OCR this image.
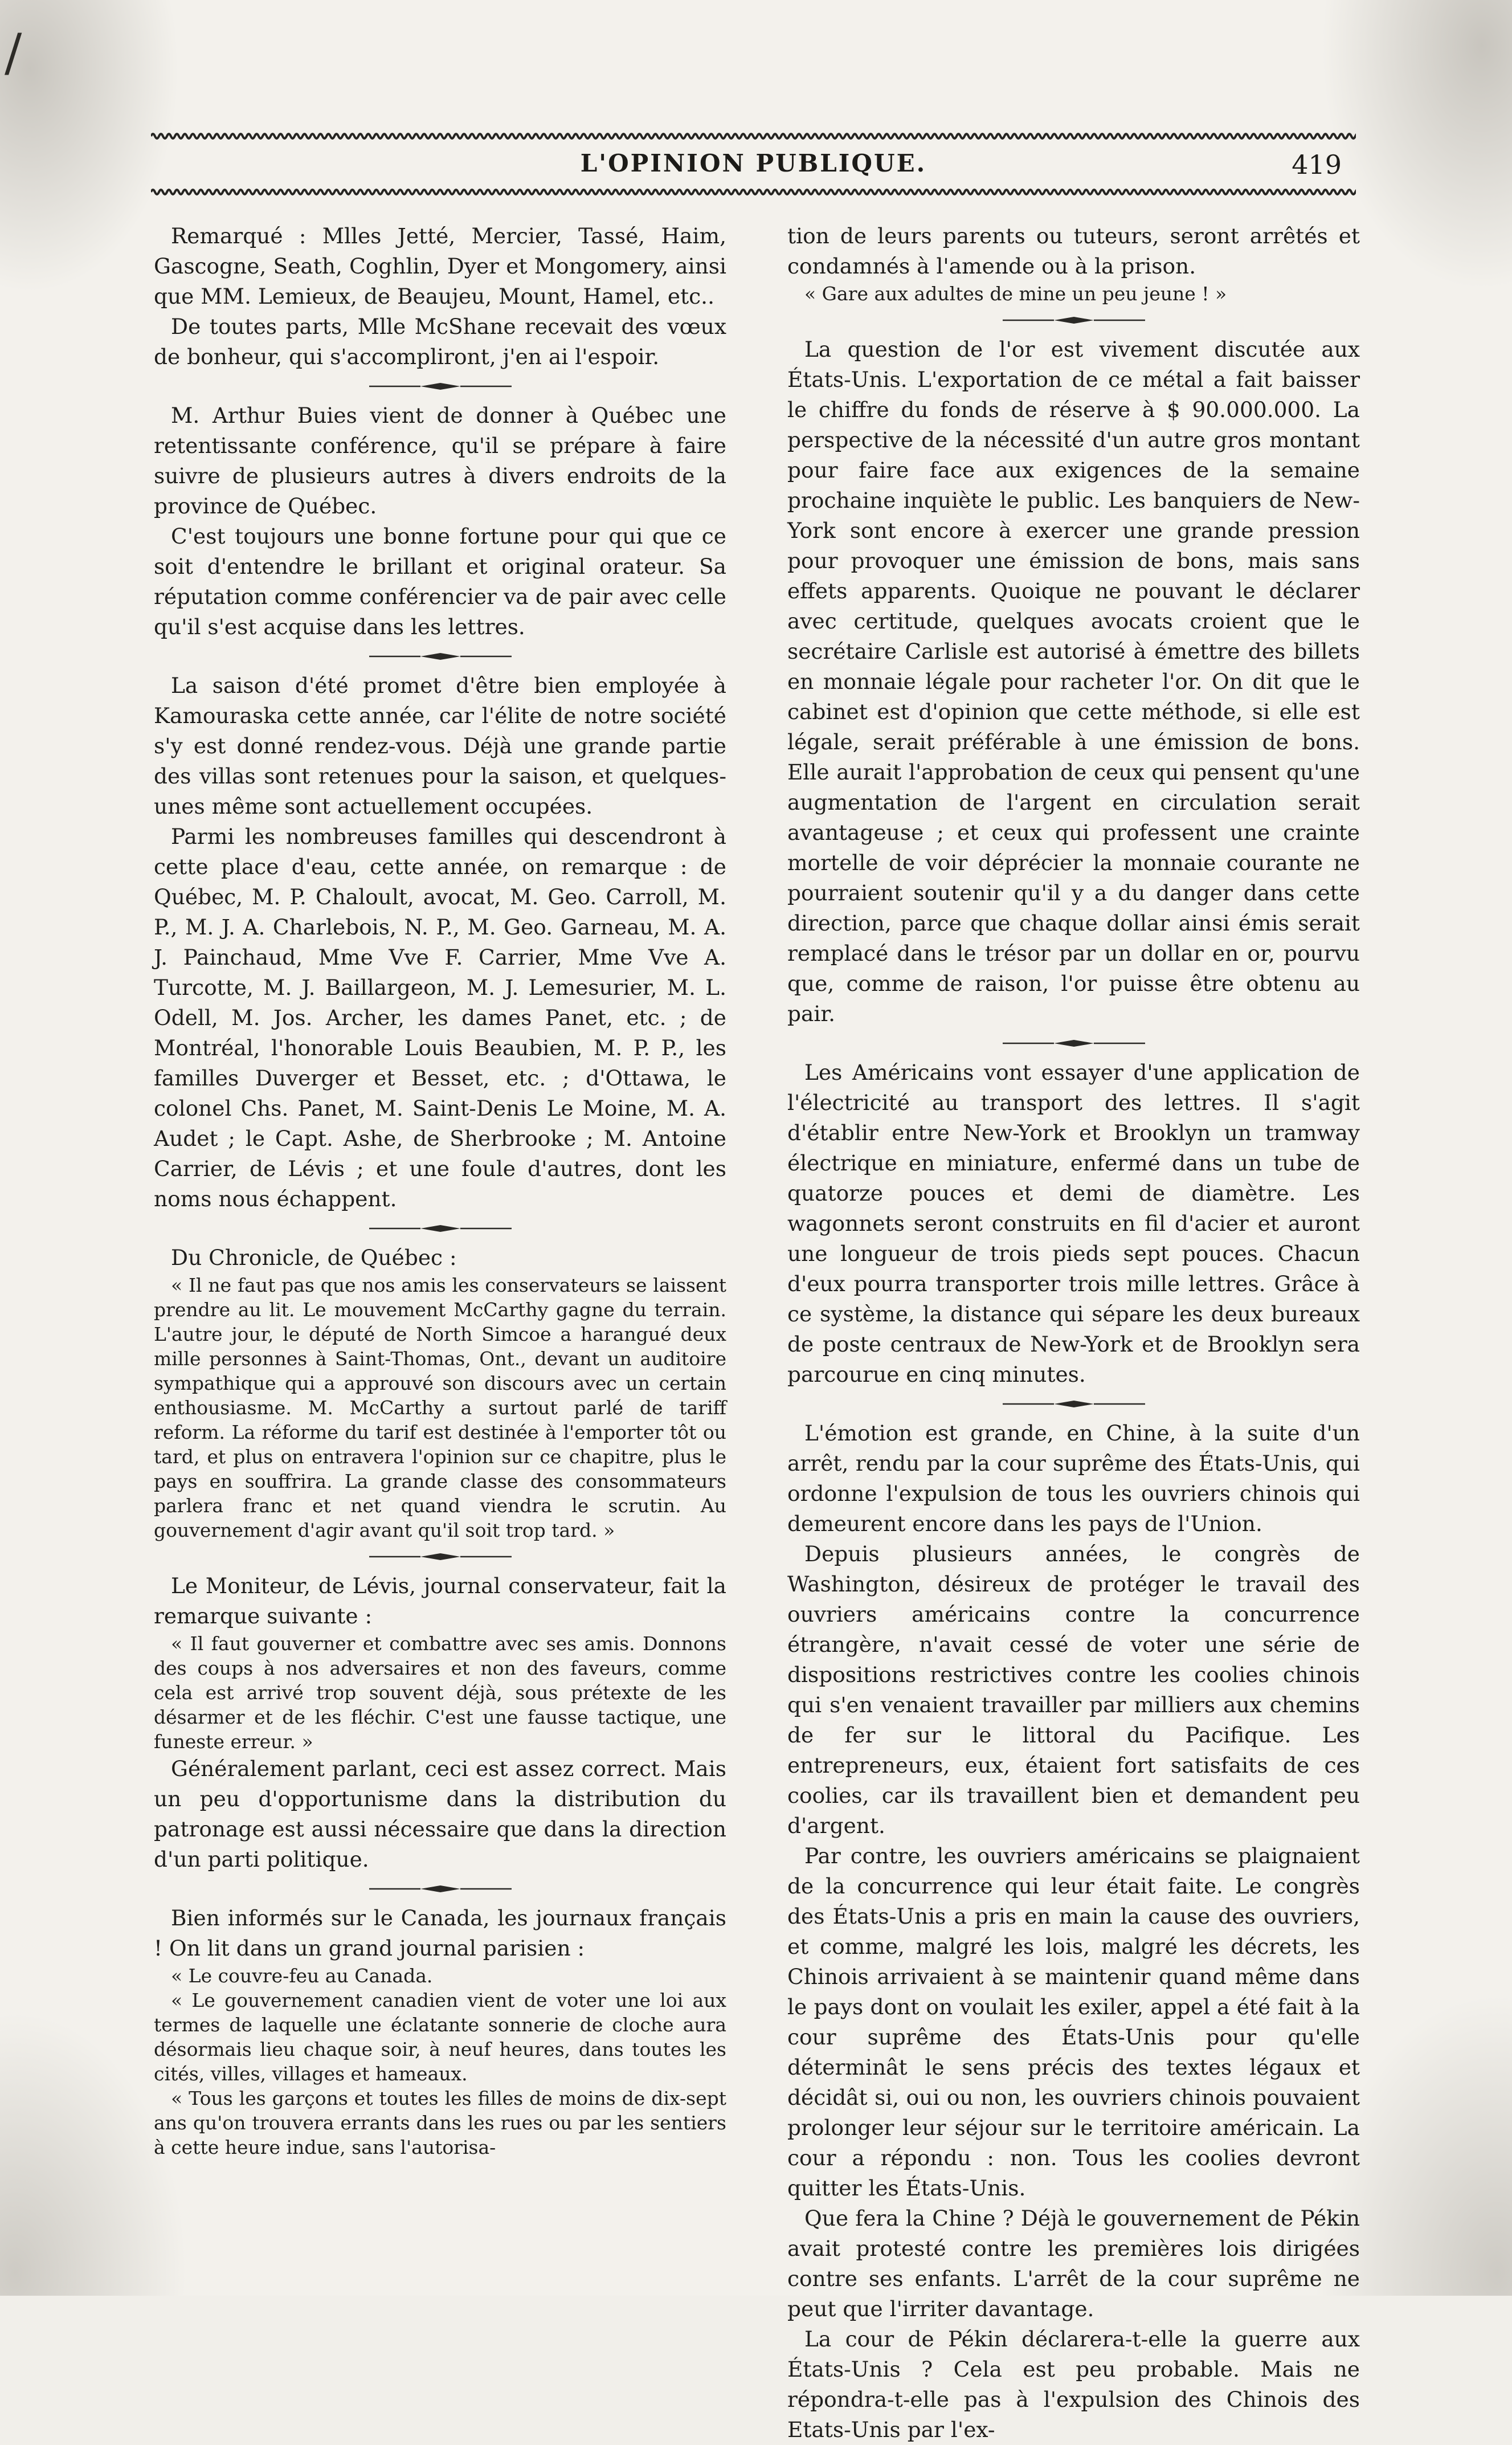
L'OPINION PUBLIQUE.	419

Remarqué : Mlles Jetté, Mercier, Tassé, Haim, Gascogne, Seath, Coghlin, Dyer et Mongomery, ainsi que MM. Lemieux, de Beaujeu, Mount, Hamel, etc..

De toutes parts, Mlle McShane recevait des vœux de bonheur, qui s'accompliront, j'en ai l'espoir.

M. Arthur Buies vient de donner à Québec une retentissante conférence, qu'il se prépare à faire suivre de plusieurs autres à divers endroits de la province de Québec.

C'est toujours une bonne fortune pour qui que ce soit d'entendre le brillant et original orateur. Sa réputation comme conférencier va de pair avec celle qu'il s'est acquise dans les lettres.

La saison d'été promet d'être bien employée à Kamouraska cette année, car l'élite de notre société s'y est donné rendez-vous. Déjà une grande partie des villas sont retenues pour la saison, et quelques-unes même sont actuellement occupées.

Parmi les nombreuses familles qui descendront à cette place d'eau, cette année, on remarque : de Québec, M. P. Chaloult, avocat, M. Geo. Carroll, M. P., M. J. A. Charlebois, N. P., M. Geo. Garneau, M. A. J. Painchaud, Mme Vve F. Carrier, Mme Vve A. Turcotte, M. J. Baillargeon, M. J. Lemesurier, M. L. Odell, M. Jos. Archer, les dames Panet, etc. ; de Montréal, l'honorable Louis Beaubien, M. P. P., les familles Duverger et Besset, etc. ; d'Ottawa, le colonel Chs. Panet, M. Saint-Denis Le Moine, M. A. Audet ; le Capt. Ashe, de Sherbrooke ; M. Antoine Carrier, de Lévis ; et une foule d'autres, dont les noms nous échappent.

Du Chronicle, de Québec :

« Il ne faut pas que nos amis les conservateurs se laissent prendre au lit. Le mouvement McCarthy gagne du terrain. L'autre jour, le député de North Simcoe a harangué deux mille personnes à Saint-Thomas, Ont., devant un auditoire sympathique qui a approuvé son discours avec un certain enthousiasme. M. McCarthy a surtout parlé de tariff reform. La réforme du tarif est destinée à l'emporter tôt ou tard, et plus on entravera l'opinion sur ce chapitre, plus le pays en souffrira. La grande classe des consommateurs parlera franc et net quand viendra le scrutin. Au gouvernement d'agir avant qu'il soit trop tard. »

Le Moniteur, de Lévis, journal conservateur, fait la remarque suivante :

« Il faut gouverner et combattre avec ses amis. Donnons des coups à nos adversaires et non des faveurs, comme cela est arrivé trop souvent déjà, sous prétexte de les désarmer et de les fléchir. C'est une fausse tactique, une funeste erreur. »

Généralement parlant, ceci est assez correct. Mais un peu d'opportunisme dans la distribution du patronage est aussi nécessaire que dans la direction d'un parti politique.

Bien informés sur le Canada, les journaux français ! On lit dans un grand journal parisien :

« Le couvre-feu au Canada.

« Le gouvernement canadien vient de voter une loi aux termes de laquelle une éclatante sonnerie de cloche aura désormais lieu chaque soir, à neuf heures, dans toutes les cités, villes, villages et hameaux.

« Tous les garçons et toutes les filles de moins de dix-sept ans qu'on trouvera errants dans les rues ou par les sentiers à cette heure indue, sans l'autorisa-

tion de leurs parents ou tuteurs, seront arrêtés et condamnés à l'amende ou à la prison.

« Gare aux adultes de mine un peu jeune ! »

La question de l'or est vivement discutée aux États-Unis. L'exportation de ce métal a fait baisser le chiffre du fonds de réserve à $ 90.000.000. La perspective de la nécessité d'un autre gros montant pour faire face aux exigences de la semaine prochaine inquiète le public. Les banquiers de New-York sont encore à exercer une grande pression pour provoquer une émission de bons, mais sans effets apparents. Quoique ne pouvant le déclarer avec certitude, quelques avocats croient que le secrétaire Carlisle est autorisé à émettre des billets en monnaie légale pour racheter l'or. On dit que le cabinet est d'opinion que cette méthode, si elle est légale, serait préférable à une émission de bons. Elle aurait l'approbation de ceux qui pensent qu'une augmentation de l'argent en circulation serait avantageuse ; et ceux qui professent une crainte mortelle de voir déprécier la monnaie courante ne pourraient soutenir qu'il y a du danger dans cette direction, parce que chaque dollar ainsi émis serait remplacé dans le trésor par un dollar en or, pourvu que, comme de raison, l'or puisse être obtenu au pair.

Les Américains vont essayer d'une application de l'électricité au transport des lettres. Il s'agit d'établir entre New-York et Brooklyn un tramway électrique en miniature, enfermé dans un tube de quatorze pouces et demi de diamètre. Les wagonnets seront construits en fil d'acier et auront une longueur de trois pieds sept pouces. Chacun d'eux pourra transporter trois mille lettres. Grâce à ce système, la distance qui sépare les deux bureaux de poste centraux de New-York et de Brooklyn sera parcourue en cinq minutes.

L'émotion est grande, en Chine, à la suite d'un arrêt, rendu par la cour suprême des États-Unis, qui ordonne l'expulsion de tous les ouvriers chinois qui demeurent encore dans les pays de l'Union.

Depuis plusieurs années, le congrès de Washington, désireux de protéger le travail des ouvriers américains contre la concurrence étrangère, n'avait cessé de voter une série de dispositions restrictives contre les coolies chinois qui s'en venaient travailler par milliers aux chemins de fer sur le littoral du Pacifique. Les entrepreneurs, eux, étaient fort satisfaits de ces coolies, car ils travaillent bien et demandent peu d'argent.

Par contre, les ouvriers américains se plaignaient de la concurrence qui leur était faite. Le congrès des États-Unis a pris en main la cause des ouvriers, et comme, malgré les lois, malgré les décrets, les Chinois arrivaient à se maintenir quand même dans le pays dont on voulait les exiler, appel a été fait à la cour suprême des États-Unis pour qu'elle déterminât le sens précis des textes légaux et décidât si, oui ou non, les ouvriers chinois pouvaient prolonger leur séjour sur le territoire américain. La cour a répondu : non. Tous les coolies devront quitter les États-Unis.

Que fera la Chine ? Déjà le gouvernement de Pékin avait protesté contre les premières lois dirigées contre ses enfants. L'arrêt de la cour suprême ne peut que l'irriter davantage.

La cour de Pékin déclarera-t-elle la guerre aux États-Unis ? Cela est peu probable. Mais ne répondra-t-elle pas à l'expulsion des Chinois des Etats-Unis par l'ex-

/
